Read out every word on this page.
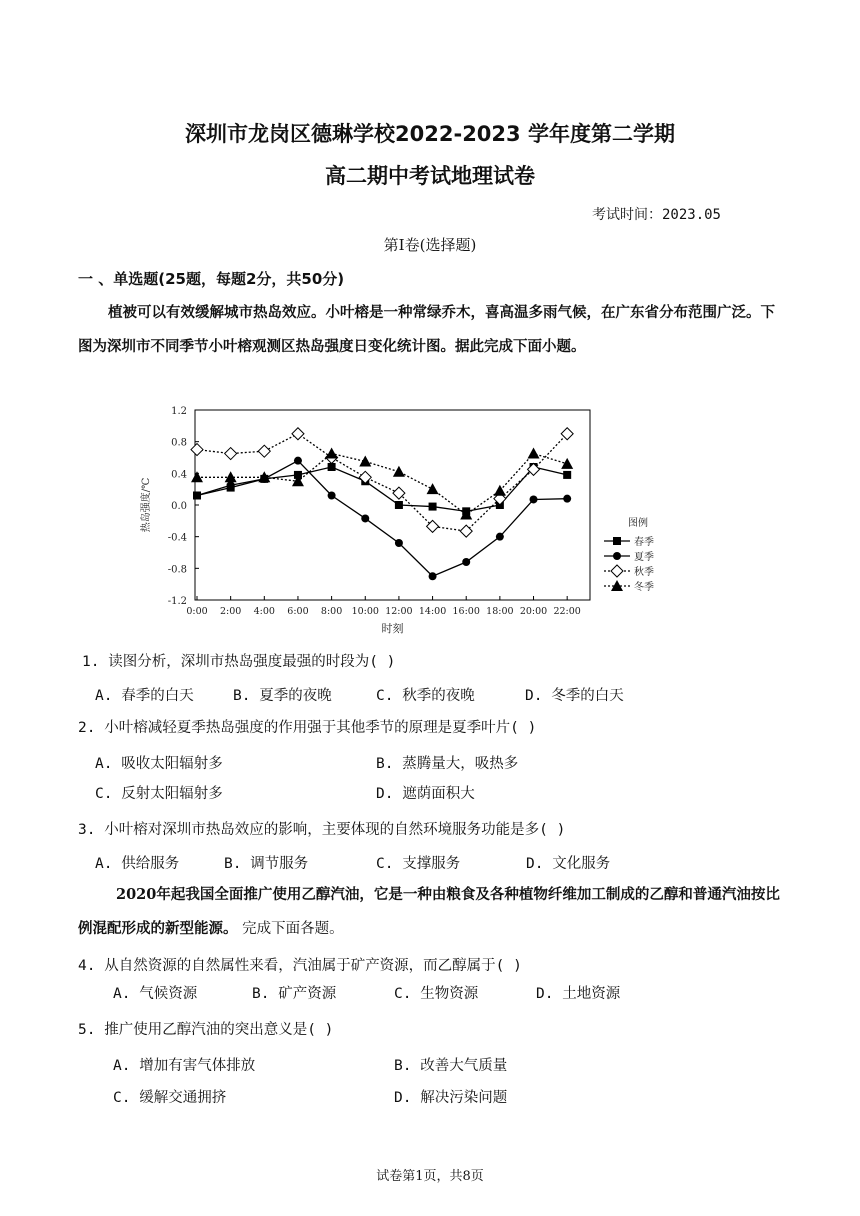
深圳市龙岗区德琳学校2022-2023 学年度第二学期
高二期中考试地理试卷
考试时间：2023.05
第Ⅰ卷(选择题)
一 、单选题(25题，每题2分，共50分)
植被可以有效缓解城市热岛效应。小叶榕是一种常绿乔木，喜高温多雨气候，在广东省分布范围广泛。下图为深圳市不同季节小叶榕观测区热岛强度日变化统计图。据此完成下面小题。
1.2
0.8
0.4
0.0
-0.4
-0.8
-1.2
0:00 2:00 4:00 6:00 8:00 10:00 12:00 14:00 16:00 18:00 20:00 22:00
热岛强度/℃
时刻
图例
春季
夏季
秋季
冬季
1. 读图分析，深圳市热岛强度最强的时段为( )
A. 春季的白天	B. 夏季的夜晚	C. 秋季的夜晚	D. 冬季的白天
2. 小叶榕减轻夏季热岛强度的作用强于其他季节的原理是夏季叶片( )
A. 吸收太阳辐射多	B. 蒸腾量大，吸热多
C. 反射太阳辐射多	D. 遮荫面积大
3. 小叶榕对深圳市热岛效应的影响，主要体现的自然环境服务功能是多( )
A. 供给服务	B. 调节服务	C. 支撑服务	D. 文化服务
2020年起我国全面推广使用乙醇汽油，它是一种由粮食及各种植物纤维加工制成的乙醇和普通汽油按比例混配形成的新型能源。 完成下面各题。
4. 从自然资源的自然属性来看，汽油属于矿产资源，而乙醇属于( )
A. 气候资源	B. 矿产资源	C. 生物资源	D. 土地资源
5. 推广使用乙醇汽油的突出意义是( )
A. 增加有害气体排放	B. 改善大气质量
C. 缓解交通拥挤	D. 解决污染问题
试卷第1页，共8页
